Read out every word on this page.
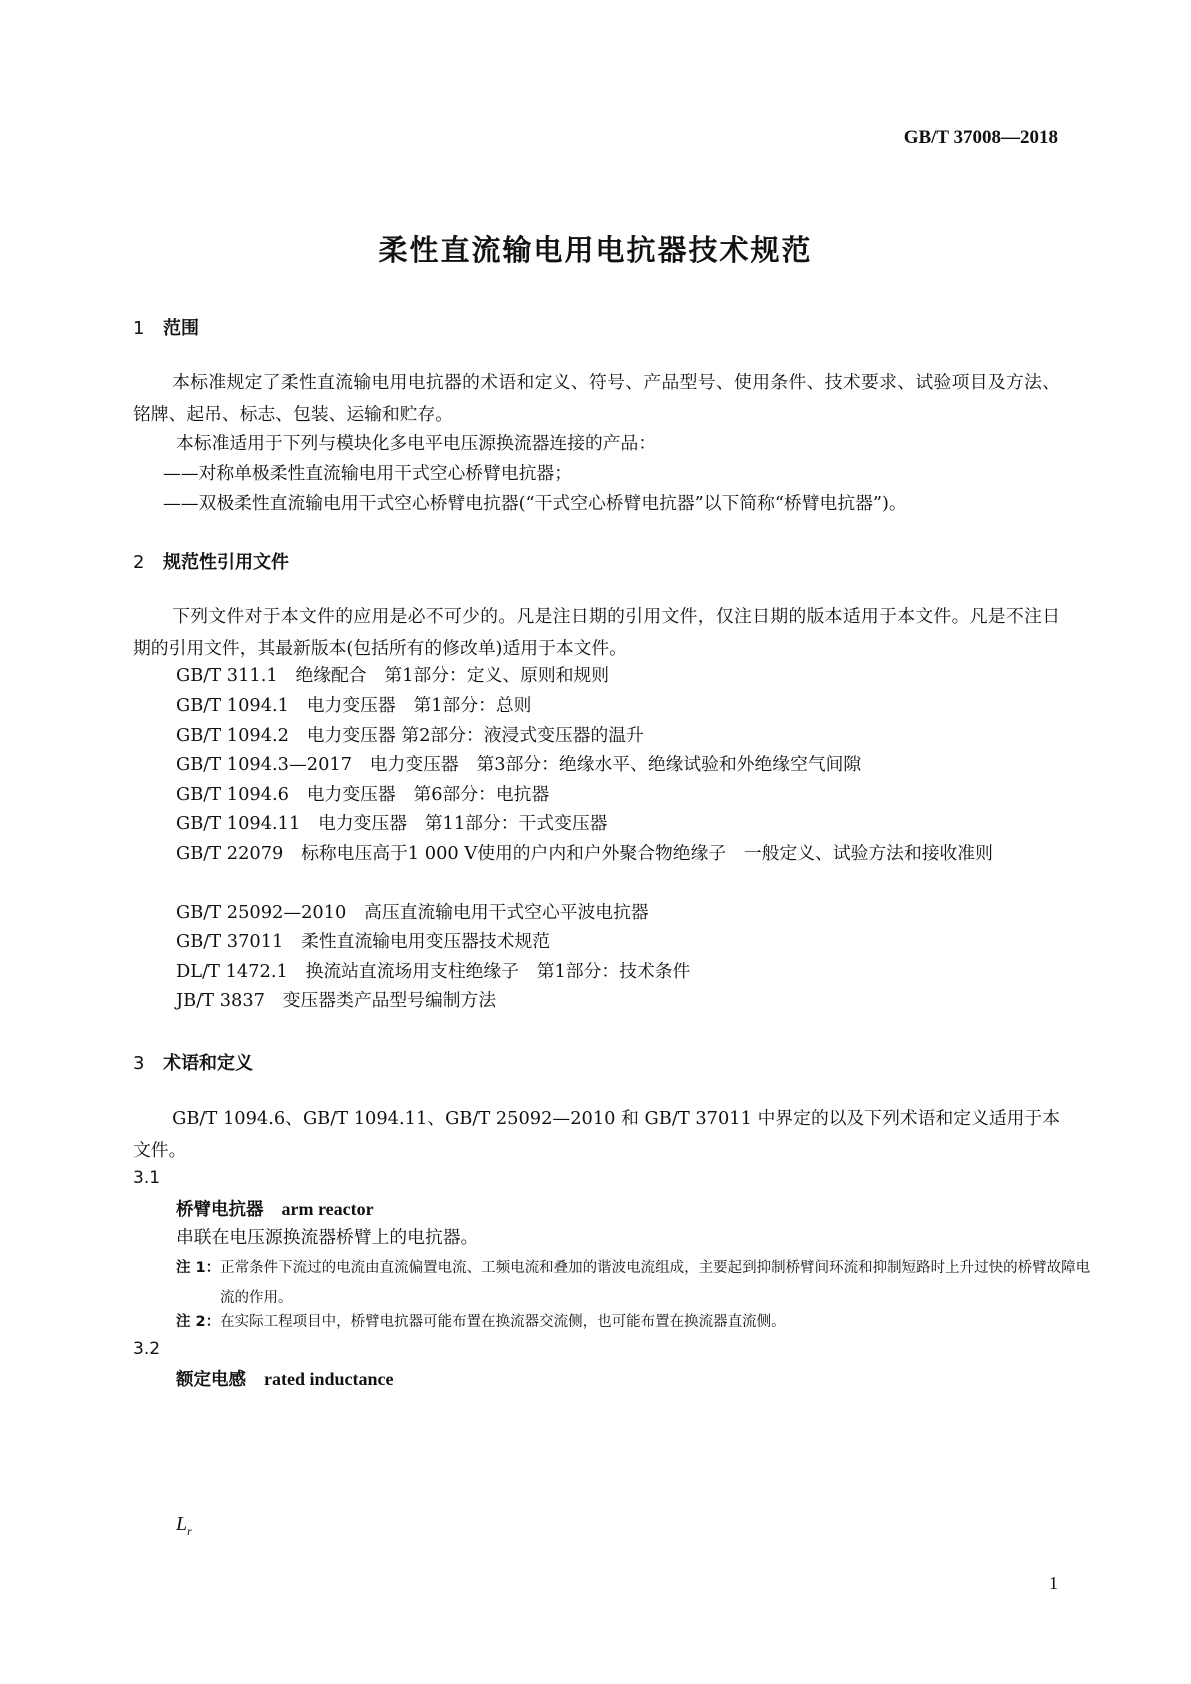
GB/T 37008—2018
柔性直流输电用电抗器技术规范
1 范围
本标准规定了柔性直流输电用电抗器的术语和定义、符号、产品型号、使用条件、技术要求、试验项目及方法、铭牌、起吊、标志、包装、运输和贮存。
本标准适用于下列与模块化多电平电压源换流器连接的产品：
——对称单极柔性直流输电用干式空心桥臂电抗器；
——双极柔性直流输电用干式空心桥臂电抗器(“干式空心桥臂电抗器”以下简称“桥臂电抗器”)。
2 规范性引用文件
下列文件对于本文件的应用是必不可少的。凡是注日期的引用文件，仅注日期的版本适用于本文件。凡是不注日期的引用文件，其最新版本(包括所有的修改单)适用于本文件。
GB/T 311.1　绝缘配合　第1部分：定义、原则和规则
GB/T 1094.1　电力变压器　第1部分：总则
GB/T 1094.2　电力变压器 第2部分：液浸式变压器的温升
GB/T 1094.3—2017　电力变压器　第3部分：绝缘水平、绝缘试验和外绝缘空气间隙
GB/T 1094.6　电力变压器　第6部分：电抗器
GB/T 1094.11　电力变压器　第11部分：干式变压器
GB/T 22079　标称电压高于1 000 V使用的户内和户外聚合物绝缘子　一般定义、试验方法和接收准则
GB/T 25092—2010　高压直流输电用干式空心平波电抗器
GB/T 37011　柔性直流输电用变压器技术规范
DL/T 1472.1　换流站直流场用支柱绝缘子　第1部分：技术条件
JB/T 3837　变压器类产品型号编制方法
3 术语和定义
GB/T 1094.6、GB/T 1094.11、GB/T 25092—2010 和 GB/T 37011 中界定的以及下列术语和定义适用于本文件。
3.1
桥臂电抗器 arm reactor
串联在电压源换流器桥臂上的电抗器。
注 1：正常条件下流过的电流由直流偏置电流、工频电流和叠加的谐波电流组成，主要起到抑制桥臂间环流和抑制短路时上升过快的桥臂故障电流的作用。
注 2：在实际工程项目中，桥臂电抗器可能布置在换流器交流侧，也可能布置在换流器直流侧。
3.2
额定电感 rated inductance
$L_r$
1
